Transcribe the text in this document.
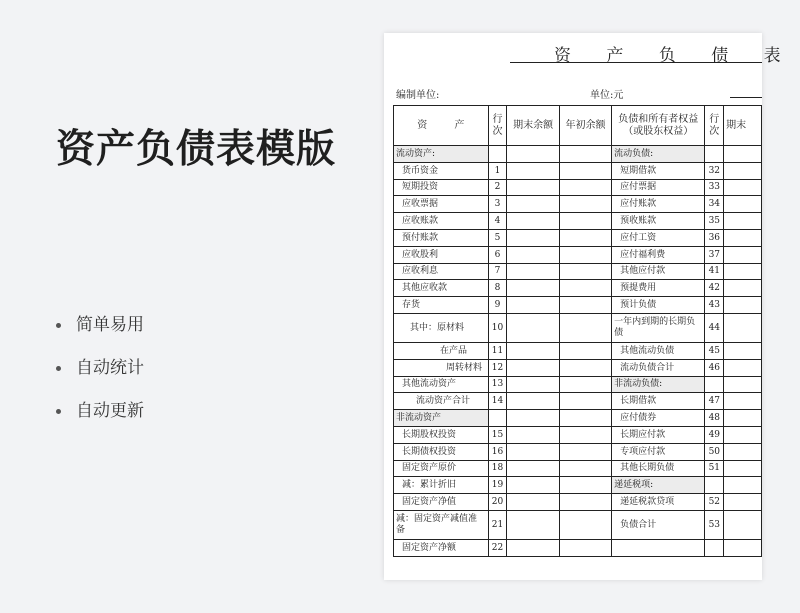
资产负债表模版
简单易用
自动统计
自动更新
资 产 负 债 表
编制单位:	单位:元
资 产	行次	期末余额	年初余额	负债和所有者权益（或股东权益）	行次	期末
流动资产:				流动负债:		
货币资金	1			短期借款	32	
短期投资	2			应付票据	33	
应收票据	3			应付账款	34	
应收账款	4			预收账款	35	
预付账款	5			应付工资	36	
应收股利	6			应付福利费	37	
应收利息	7			其他应付款	41	
其他应收款	8			预提费用	42	
存货	9			预计负债	43	
其中：原材料	10			一年内到期的长期负债	44	
在产品	11			其他流动负债	45	
周转材料	12			流动负债合计	46	
其他流动资产	13			非流动负债:		
流动资产合计	14			长期借款	47	
非流动资产				应付债券	48	
长期股权投资	15			长期应付款	49	
长期债权投资	16			专项应付款	50	
固定资产原价	18			其他长期负债	51	
减：累计折旧	19			递延税项:		
固定资产净值	20			递延税款贷项	52	
减：固定资产减值准备	21			负债合计	53	
固定资产净额	22					
